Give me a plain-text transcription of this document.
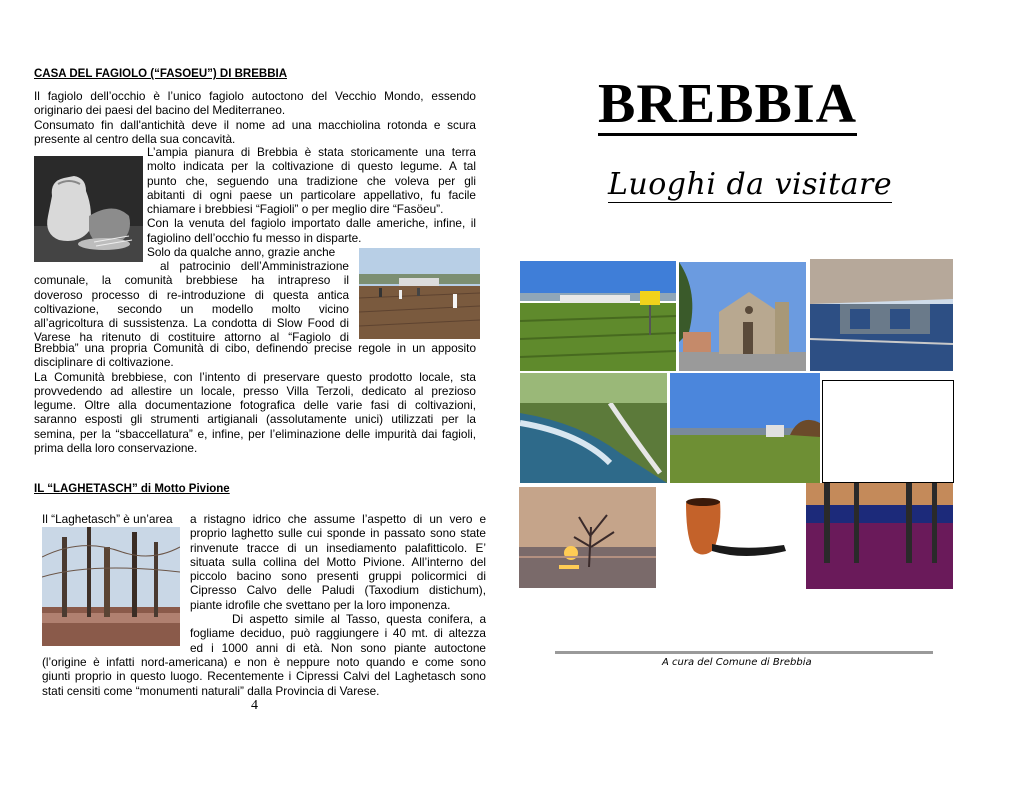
CASA DEL FAGIOLO (“FASOEU”) DI BREBBIA
Il fagiolo dell’occhio è l’unico fagiolo autoctono del Vecchio Mondo, essendo
originario dei paesi del bacino del Mediterraneo.
Consumato fin dall'antichità deve il nome ad una macchiolina rotonda e scura
presente al centro della sua concavità.
L’ampia pianura di Brebbia è stata storicamente una terra
molto indicata per la coltivazione di questo legume. A tal
punto che, seguendo una tradizione che voleva per gli
abitanti di ogni paese un particolare appellativo, fu facile
chiamare i brebbiesi “Fagioli” o per meglio dire “Fasöeu”.
Con la venuta del fagiolo importato dalle americhe, infine, il
fagiolino dell’occhio fu messo in disparte.
Solo da qualche anno, grazie anche
al patrocinio dell’Amministrazione
comunale, la comunità brebbiese ha intrapreso il
doveroso processo di re-introduzione di questa antica
coltivazione, secondo un modello molto vicino
all’agricoltura di sussistenza. La condotta di Slow Food di
Varese ha ritenuto di costituire attorno al “Fagiolo di
Brebbia” una propria Comunità di cibo, definendo precise regole in un apposito
disciplinare di coltivazione.
La Comunità brebbiese, con l’intento di preservare questo prodotto locale, sta
provvedendo ad allestire un locale, presso Villa Terzoli, dedicato al prezioso
legume. Oltre alla documentazione fotografica delle varie fasi di coltivazioni,
saranno esposti gli strumenti artigianali (assolutamente unici) utilizzati per la
semina, per la “sbaccellatura” e, infine, per l’eliminazione delle impurità dai fagioli,
prima della loro conservazione.
IL “LAGHETASCH” di Motto Pivione
Il “Laghetasch” è un’area a ristagno idrico che assume l’aspetto di un vero e
proprio laghetto sulle cui sponde in passato sono state
rinvenute tracce di un insediamento palafitticolo. E’
situata sulla collina del Motto Pivione. All’interno del
piccolo bacino sono presenti gruppi policormici di
Cipresso Calvo delle Paludi (Taxodium distichum),
piante idrofile che svettano per la loro imponenza.
Di aspetto simile al Tasso, questa conifera, a
fogliame deciduo, può raggiungere i 40 mt. di altezza
ed i 1000 anni di età. Non sono piante autoctone
(l’origine è infatti nord-americana) e non è neppure noto quando e come sono
giunti proprio in questo luogo. Recentemente i Cipressi Calvi del Laghetasch sono
stati censiti come “monumenti naturali” dalla Provincia di Varese.
4
BREBBIA
Luoghi da visitare
A cura del Comune di Brebbia
